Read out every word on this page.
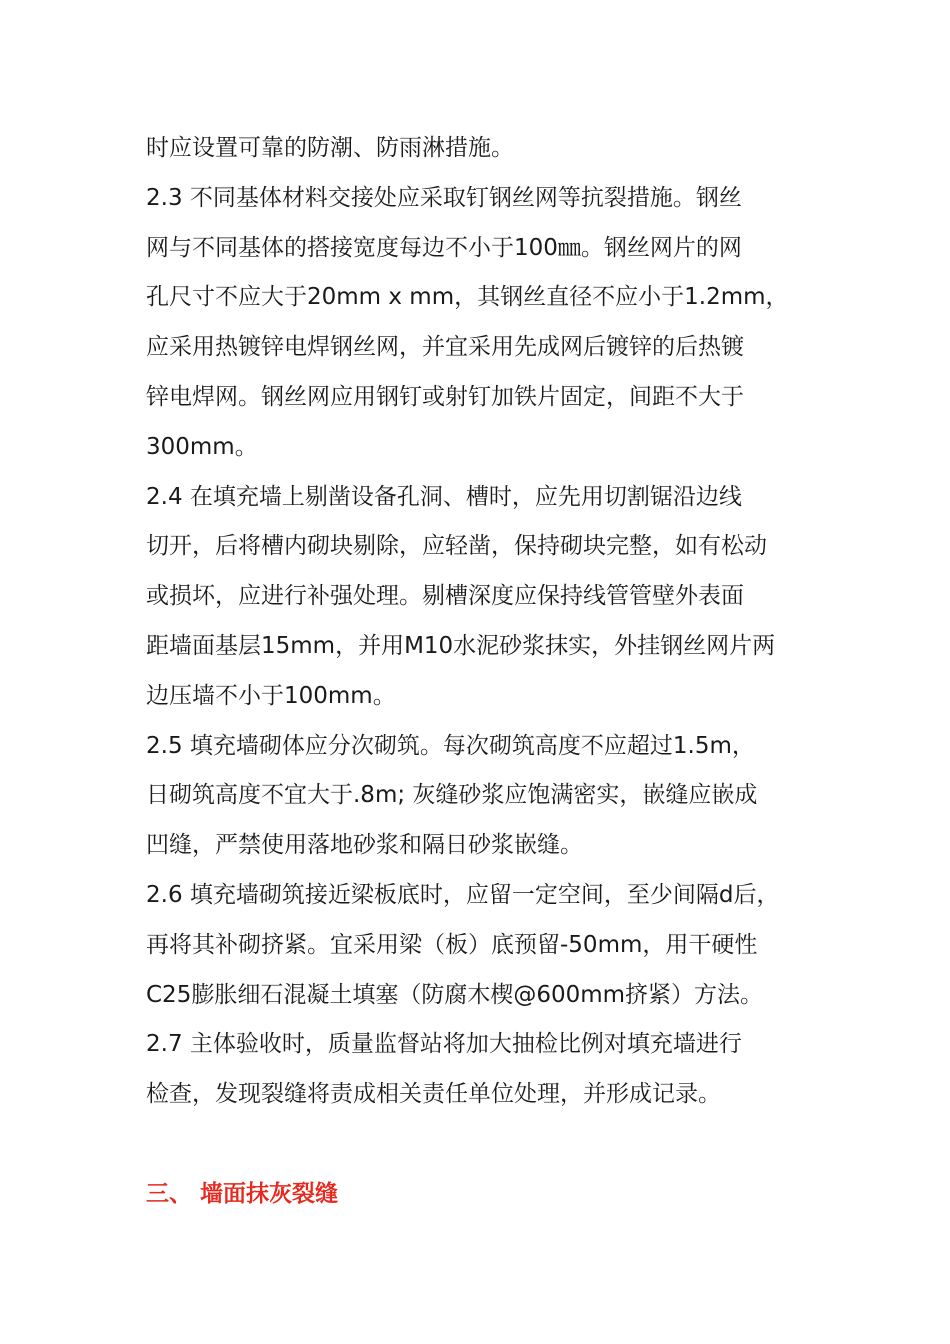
时应设置可靠的防潮、防雨淋措施。
2.3 不同基体材料交接处应采取钉钢丝网等抗裂措施。钢丝
网与不同基体的搭接宽度每边不小于100㎜。钢丝网片的网
孔尺寸不应大于20mm x mm，其钢丝直径不应小于1.2mm，
应采用热镀锌电焊钢丝网，并宜采用先成网后镀锌的后热镀
锌电焊网。钢丝网应用钢钉或射钉加铁片固定，间距不大于
300mm。
2.4 在填充墙上剔凿设备孔洞、槽时，应先用切割锯沿边线
切开，后将槽内砌块剔除，应轻凿，保持砌块完整，如有松动
或损坏，应进行补强处理。剔槽深度应保持线管管壁外表面
距墙面基层15mm，并用M10水泥砂浆抹实，外挂钢丝网片两
边压墙不小于100mm。
2.5 填充墙砌体应分次砌筑。每次砌筑高度不应超过1.5m，
日砌筑高度不宜大于.8m; 灰缝砂浆应饱满密实，嵌缝应嵌成
凹缝，严禁使用落地砂浆和隔日砂浆嵌缝。
2.6 填充墙砌筑接近梁板底时，应留一定空间，至少间隔d后，
再将其补砌挤紧。宜采用梁（板）底预留-50mm，用干硬性
C25膨胀细石混凝土填塞（防腐木楔@600mm挤紧）方法。
2.7 主体验收时，质量监督站将加大抽检比例对填充墙进行
检查，发现裂缝将责成相关责任单位处理，并形成记录。
三、 墙面抹灰裂缝
